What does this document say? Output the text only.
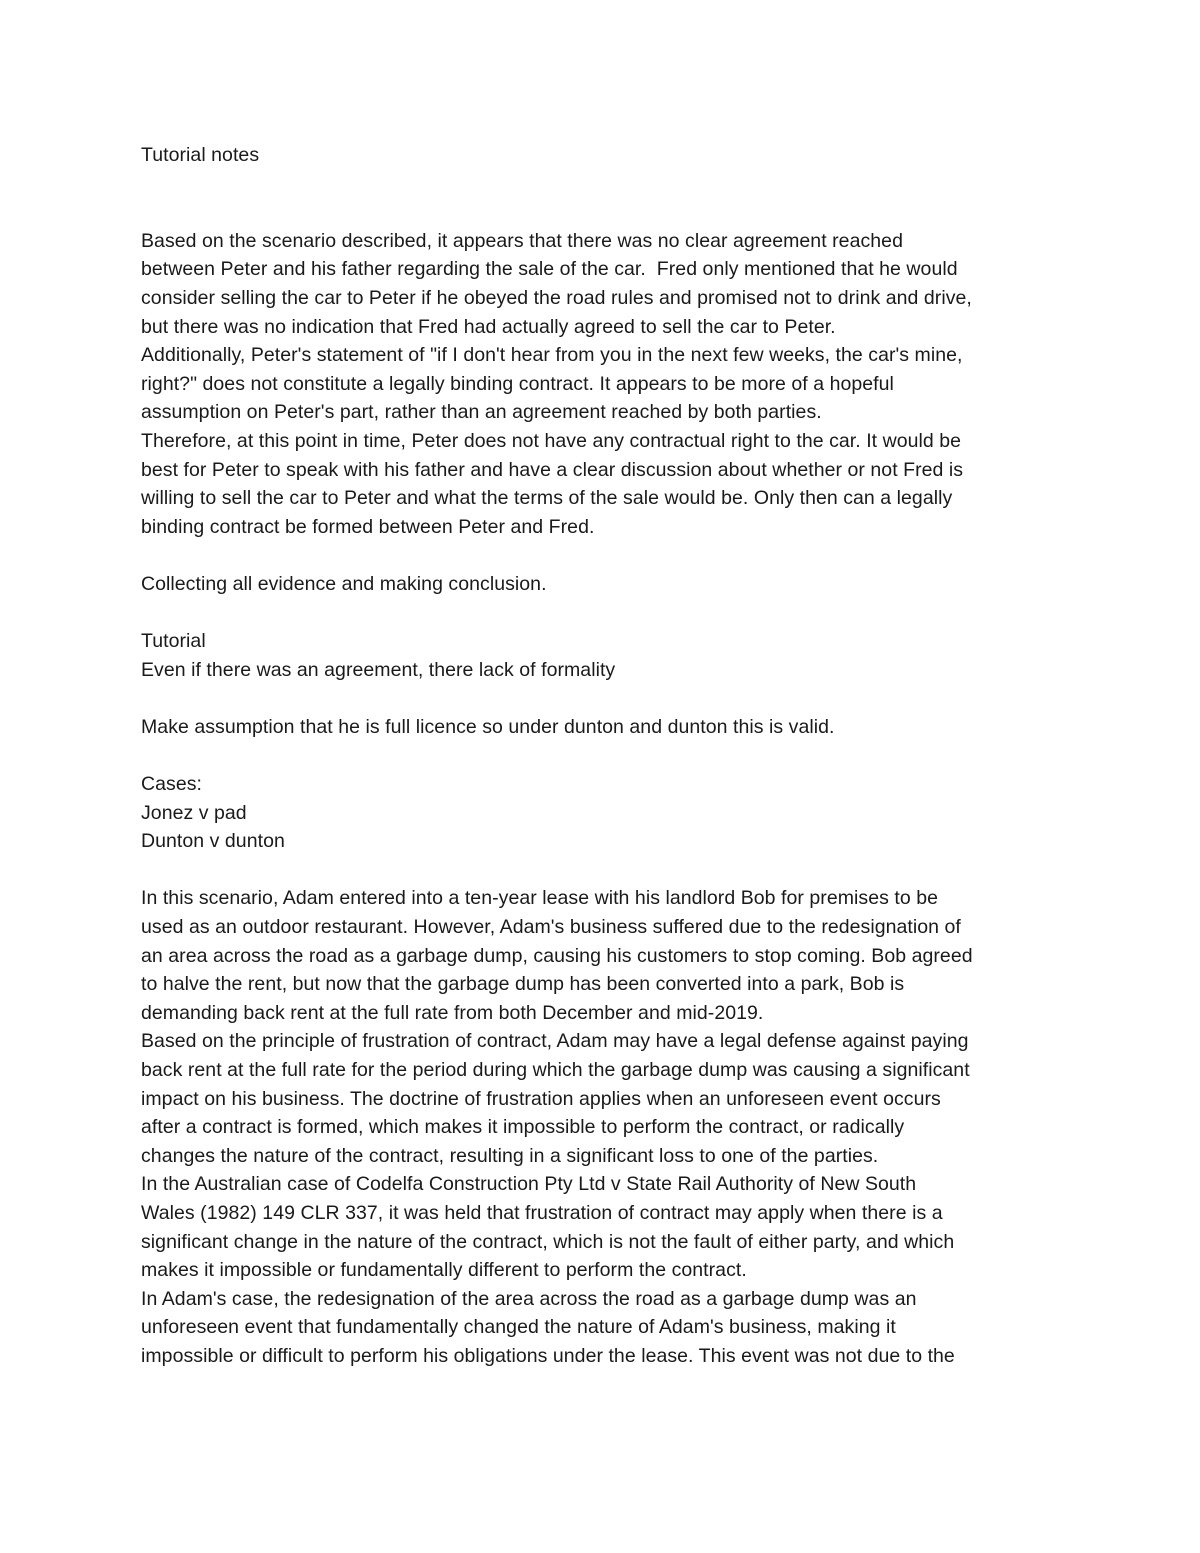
Tutorial notes
Based on the scenario described, it appears that there was no clear agreement reached
between Peter and his father regarding the sale of the car.  Fred only mentioned that he would
consider selling the car to Peter if he obeyed the road rules and promised not to drink and drive,
but there was no indication that Fred had actually agreed to sell the car to Peter.
Additionally, Peter's statement of "if I don't hear from you in the next few weeks, the car's mine,
right?" does not constitute a legally binding contract. It appears to be more of a hopeful
assumption on Peter's part, rather than an agreement reached by both parties.
Therefore, at this point in time, Peter does not have any contractual right to the car. It would be
best for Peter to speak with his father and have a clear discussion about whether or not Fred is
willing to sell the car to Peter and what the terms of the sale would be. Only then can a legally
binding contract be formed between Peter and Fred.
Collecting all evidence and making conclusion.
Tutorial
Even if there was an agreement, there lack of formality
Make assumption that he is full licence so under dunton and dunton this is valid.
Cases:
Jonez v pad
Dunton v dunton
In this scenario, Adam entered into a ten-year lease with his landlord Bob for premises to be
used as an outdoor restaurant. However, Adam's business suffered due to the redesignation of
an area across the road as a garbage dump, causing his customers to stop coming. Bob agreed
to halve the rent, but now that the garbage dump has been converted into a park, Bob is
demanding back rent at the full rate from both December and mid-2019.
Based on the principle of frustration of contract, Adam may have a legal defense against paying
back rent at the full rate for the period during which the garbage dump was causing a significant
impact on his business. The doctrine of frustration applies when an unforeseen event occurs
after a contract is formed, which makes it impossible to perform the contract, or radically
changes the nature of the contract, resulting in a significant loss to one of the parties.
In the Australian case of Codelfa Construction Pty Ltd v State Rail Authority of New South
Wales (1982) 149 CLR 337, it was held that frustration of contract may apply when there is a
significant change in the nature of the contract, which is not the fault of either party, and which
makes it impossible or fundamentally different to perform the contract.
In Adam's case, the redesignation of the area across the road as a garbage dump was an
unforeseen event that fundamentally changed the nature of Adam's business, making it
impossible or difficult to perform his obligations under the lease. This event was not due to the
